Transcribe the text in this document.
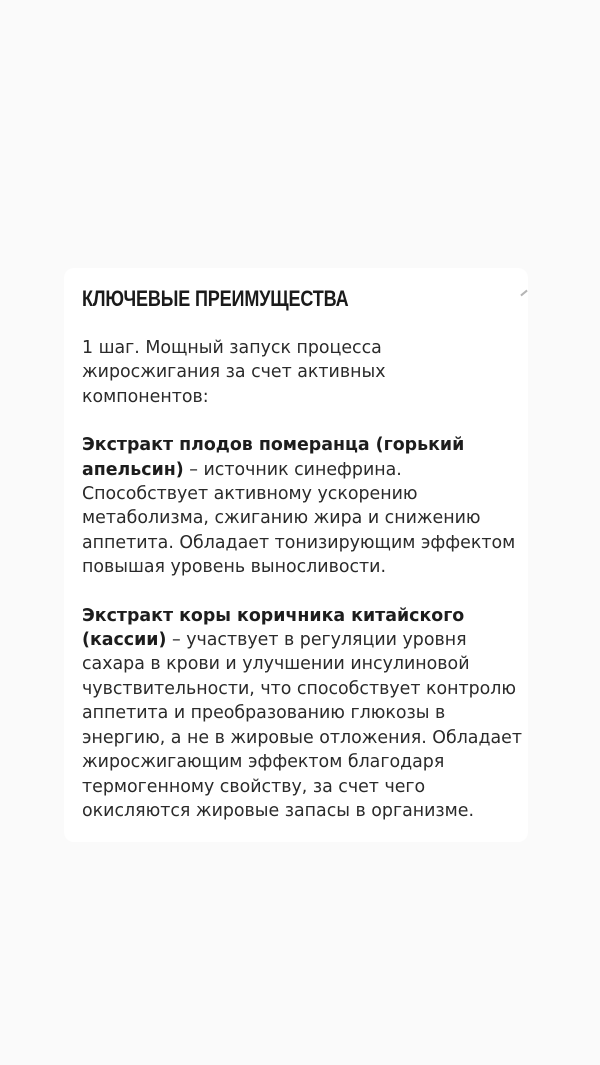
КЛЮЧЕВЫЕ ПРЕИМУЩЕСТВА

1 шаг. Мощный запуск процесса
жиросжигания за счет активных
компонентов:

Экстракт плодов померанца (горький
апельсин) – источник синефрина.
Способствует активному ускорению
метаболизма, сжиганию жира и снижению
аппетита. Обладает тонизирующим эффектом
повышая уровень выносливости.

Экстракт коры коричника китайского
(кассии) – участвует в регуляции уровня
сахара в крови и улучшении инсулиновой
чувствительности, что способствует контролю
аппетита и преобразованию глюкозы в
энергию, а не в жировые отложения. Обладает
жиросжигающим эффектом благодаря
термогенному свойству, за счет чего
окисляются жировые запасы в организме.
